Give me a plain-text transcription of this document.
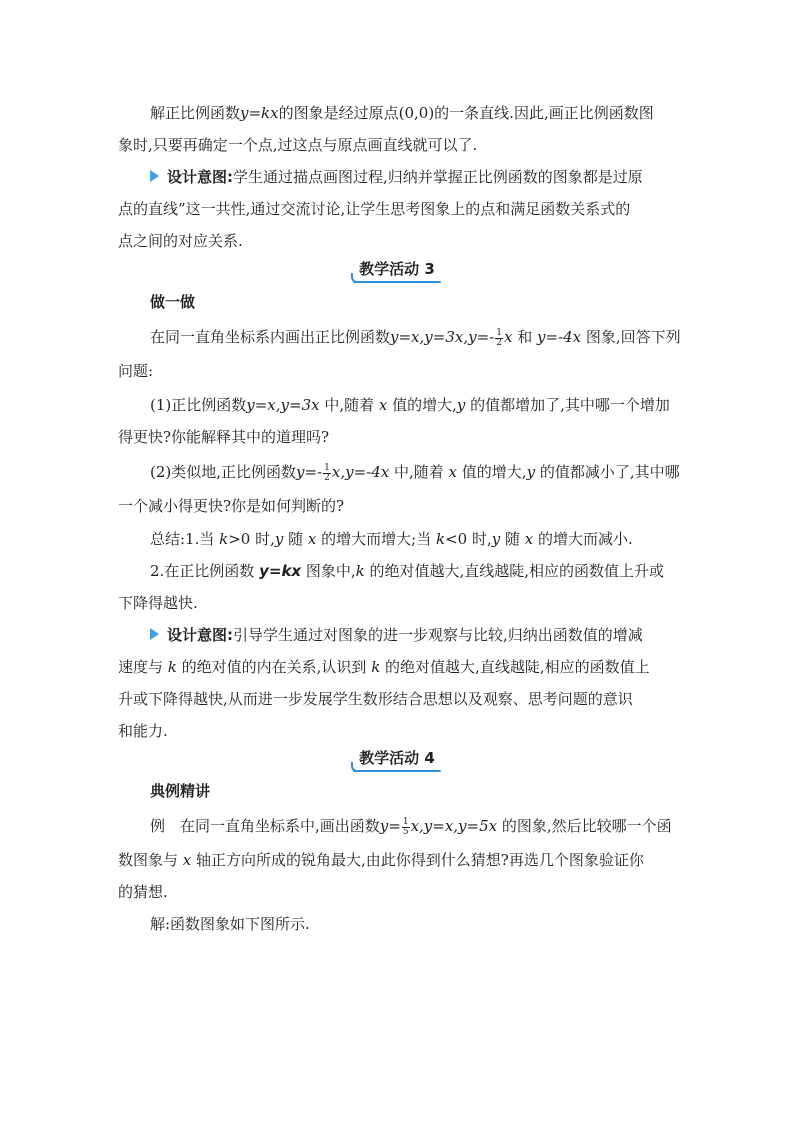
解正比例函数y=kx的图象是经过原点(0,0)的一条直线.因此,画正比例函数图
象时,只要再确定一个点,过这点与原点画直线就可以了.
设计意图:学生通过描点画图过程,归纳并掌握正比例函数的图象都是过原
点的直线”这一共性,通过交流讨论,让学生思考图象上的点和满足函数关系式的
点之间的对应关系.
教学活动 3
做一做
在同一直角坐标系内画出正比例函数$y=x,y=3x,y=- \frac{1}{2}$ x 和 y=-4x 图象,回答下列
问题:
(1)正比例函数y=x,y=3x 中,随着 x 值的增大,y 的值都增加了,其中哪一个增加
得更快?你能解释其中的道理吗?
(2)类似地,正比例函数$y=- \frac{1}{2} x,y=-4x$ 中,随着 x 值的增大,y 的值都减小了,其中哪
一个减小得更快?你是如何判断的?
总结:1.当 k>0 时,y 随 x 的增大而增大;当 k<0 时,y 随 x 的增大而减小.
2.在正比例函数 y=kx 图象中,k 的绝对值越大,直线越陡,相应的函数值上升或
下降得越快.
设计意图:引导学生通过对图象的进一步观察与比较,归纳出函数值的增减
速度与 k 的绝对值的内在关系,认识到 k 的绝对值越大,直线越陡,相应的函数值上
升或下降得越快,从而进一步发展学生数形结合思想以及观察、思考问题的意识
和能力.
教学活动 4
典例精讲
例　在同一直角坐标系中,画出函数$y= \frac{1}{5} x,y=x,y=5x$ 的图象,然后比较哪一个函
数图象与 x 轴正方向所成的锐角最大,由此你得到什么猜想?再选几个图象验证你
的猜想.
解:函数图象如下图所示.
